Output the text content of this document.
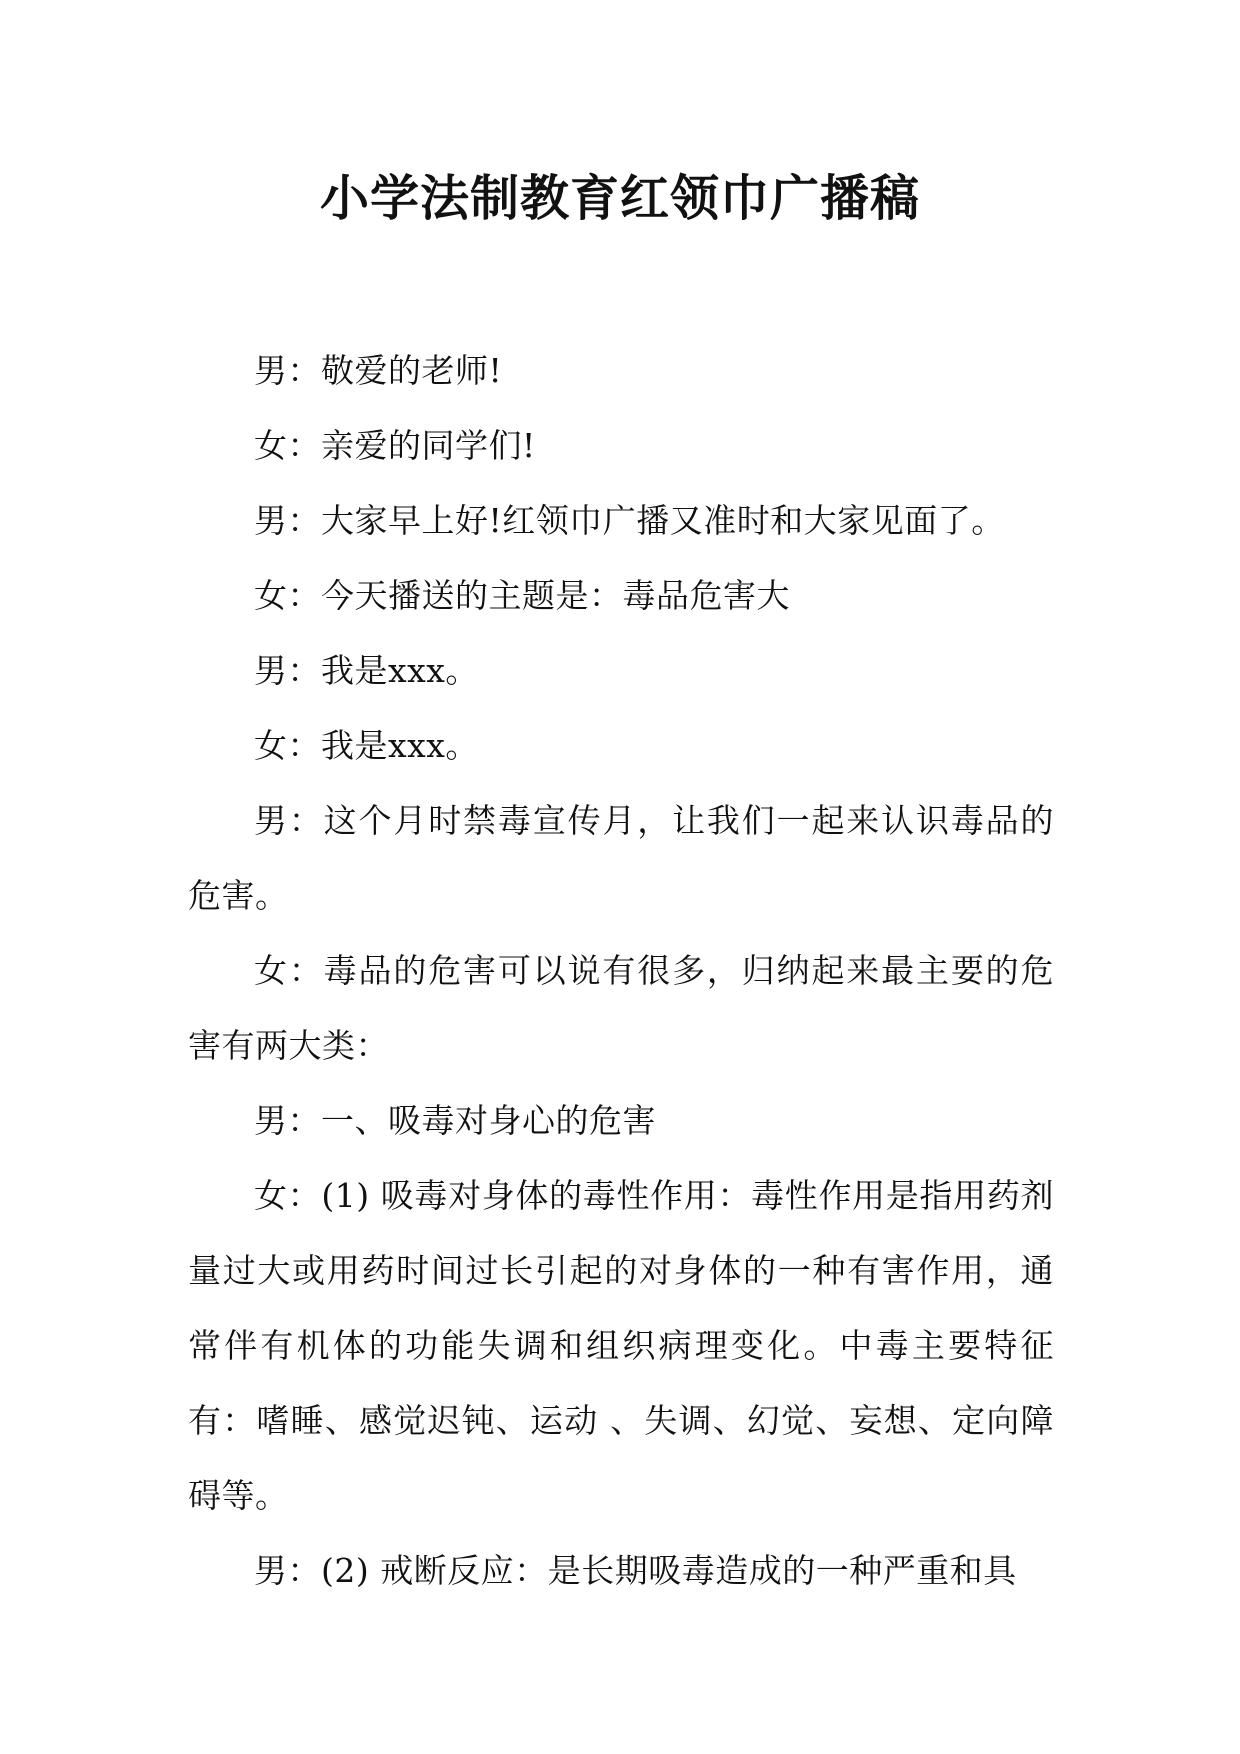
小学法制教育红领巾广播稿

男：敬爱的老师!

女：亲爱的同学们!

男：大家早上好!红领巾广播又准时和大家见面了。

女：今天播送的主题是：毒品危害大

男：我是xxx。

女：我是xxx。

男：这个月时禁毒宣传月，让我们一起来认识毒品的危害。

女：毒品的危害可以说有很多，归纳起来最主要的危害有两大类：

男：一、吸毒对身心的危害

女：(1) 吸毒对身体的毒性作用：毒性作用是指用药剂量过大或用药时间过长引起的对身体的一种有害作用，通常伴有机体的功能失调和组织病理变化。中毒主要特征有：嗜睡、感觉迟钝、运动 、失调、幻觉、妄想、定向障碍等。

男：(2) 戒断反应：是长期吸毒造成的一种严重和具
